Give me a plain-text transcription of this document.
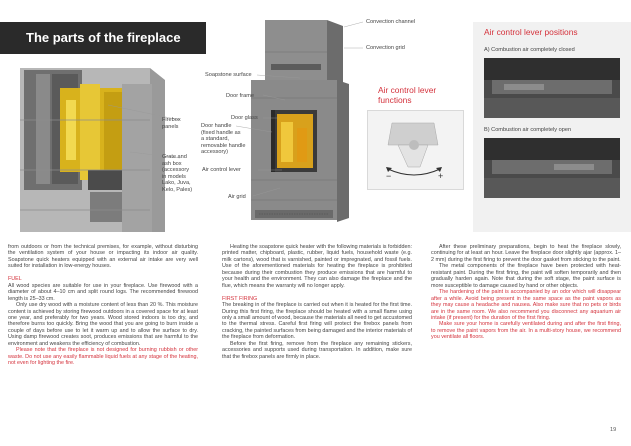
The parts of the fireplace
Convection channel
Convection grid
Soapstone surface
Door frame
Firebox
panels
Door glass
Door handle
(fixed handle as
a standard,
removable handle
accessory)
Grate and
ash box
(accessory
in models
Lako, Juva,
Kelo, Pales)
Air control lever
Air grid
Air control lever
functions
−	+
Air control lever positions
A) Combustion air completely closed
B) Combustion air completely open

from outdoors or from the technical premises, for example, without disturbing the ventilation system of your house or impacting its indoor air quality. Soapstone quick heaters equipped with an external air intake are very well suited for installation in low-energy houses.

FUEL

All wood species are suitable for use in your fireplace. Use firewood with a diameter of about 4–10 cm and split round logs. The recommended firewood length is 25–33 cm.

Only use dry wood with a moisture content of less than 20 %. This moisture content is achieved by storing firewood outdoors in a covered space for at least one year, and preferably for two years. Wood stored indoors is too dry, and therefore burns too quickly. Bring the wood that you are going to burn inside a couple of days before use to let it warm up and to allow the surface to dry. Using damp firewood creates soot, produces emissions that are harmful to the environment and weakens the efficiency of combustion.

Please note that the fireplace is not designed for burning rubbish or other waste. Do not use any easily flammable liquid fuels at any stage of the heating, not even for lighting the fire.

Heating the soapstone quick heater with the following materials is forbidden: printed matter, chipboard, plastic, rubber, liquid fuels, household waste (e.g. milk cartons), wood that is varnished, painted or impregnated, and fossil fuels. Use of the aforementioned materials for heating the fireplace is prohibited because during their combustion they produce emissions that are harmful to your health and the environment. They can also damage the fireplace and the flue, which means the warranty will no longer apply.

FIRST FIRING

The breaking in of the fireplace is carried out when it is heated for the first time. During this first firing, the fireplace should be heated with a small flame using only a small amount of wood, because the materials all need to get accustomed to the thermal stress. Careful first firing will protect the firebox panels from cracking, the painted surfaces from being damaged and the interior materials of the fireplace from deformation.

Before the first firing, remove from the fireplace any remaining stickers, accessories and supports used during transportation. In addition, make sure that the firebox panels are firmly in place.

After these preliminary preparations, begin to heat the fireplace slowly, continuing for at least an hour. Leave the fireplace door slightly ajar (approx. 1–2 mm) during the first firing to prevent the door gasket from sticking to the paint.

The metal components of the fireplace have been protected with heat-resistant paint. During the first firing, the paint will soften temporarily and then gradually harden again. Note that during the soft stage, the paint surface is more susceptible to damage caused by hand or other objects.

The hardening of the paint is accompanied by an odor which will disappear after a while. Avoid being present in the same space as the paint vapors as they may cause a headache and nausea. Also make sure that no pets or birds are in the same room. We also recommend you disconnect any aquarium air intake (if present) for the duration of the first firing.

Make sure your home is carefully ventilated during and after the first firing, to remove the paint vapors from the air. In a multi-story house, we recommend you ventilate all floors.

19
